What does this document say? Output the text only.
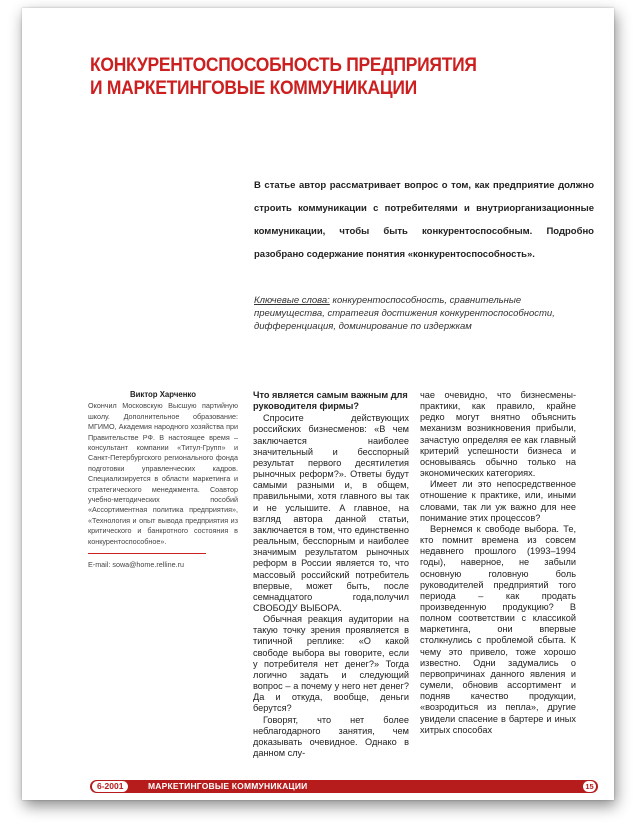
КОНКУРЕНТОСПОСОБНОСТЬ ПРЕДПРИЯТИЯ
И МАРКЕТИНГОВЫЕ КОММУНИКАЦИИ
В статье автор рассматривает вопрос о том, как предприятие должно строить коммуникации с потребителями и внутриорганизационные коммуникации, чтобы быть конкурентоспособным. Подробно разобрано содержание понятия «конкурентоспособность».
Ключевые слова: конкурентоспособность, сравнительные преимущества, стратегия достижения конкурентоспособности, дифференциация, доминирование по издержкам
Виктор Харченко
Окончил Московскую Высшую партийную школу. Дополнительное образование: МГИМО, Академия народного хозяйства при Правительстве РФ. В настоящее время – консультант компании «Титул-Групп» и Санкт-Петербургского регионального фонда подготовки управленческих кадров. Специализируется в области маркетинга и стратегического менеджмента. Соавтор учебно-методических пособий «Ассортиментная политика предприятия», «Технология и опыт вывода предприятия из критического и банкротного состояния в конкурентоспособное».
E-mail: sowa@home.relline.ru
Что является самым важным для руководителя фирмы?

Спросите действующих российских бизнесменов: «В чем заключается наиболее значительный и бесспорный результат первого десятилетия рыночных реформ?». Ответы будут самыми разными и, в общем, правильными, хотя главного вы так и не услышите. А главное, на взгляд автора данной статьи, заключается в том, что единственно реальным, бесспорным и наиболее значимым результатом рыночных реформ в России является то, что массовый российский потребитель впервые, может быть, после семнадцатого года,получил СВОБОДУ ВЫБОРА.

Обычная реакция аудитории на такую точку зрения проявляется в типичной реплике: «О какой свободе выбора вы говорите, если у потребителя нет денег?» Тогда логично задать и следующий вопрос – а почему у него нет денег? Да и откуда, вообще, деньги берутся?

Говорят, что нет более неблагодарного занятия, чем доказывать очевидное. Однако в данном слу-

чае очевидно, что бизнесмены-практики, как правило, крайне редко могут внятно объяснить механизм возникновения прибыли, зачастую определяя ее как главный критерий успешности бизнеса и основываясь обычно только на экономических категориях.

Имеет ли это непосредственное отношение к практике, или, иными словами, так ли уж важно для нее понимание этих процессов?

Вернемся к свободе выбора. Те, кто помнит времена из совсем недавнего прошлого (1993–1994 годы), наверное, не забыли основную головную боль руководителей предприятий того периода – как продать произведенную продукцию? В полном соответствии с классикой маркетинга, они впервые столкнулись с проблемой сбыта. К чему это привело, тоже хорошо известно. Одни задумались о первопричинах данного явления и сумели, обновив ассортимент и подняв качество продукции, «возродиться из пепла», другие увидели спасение в бартере и иных хитрых способах

6-2001	МАРКЕТИНГОВЫЕ КОММУНИКАЦИИ	15
